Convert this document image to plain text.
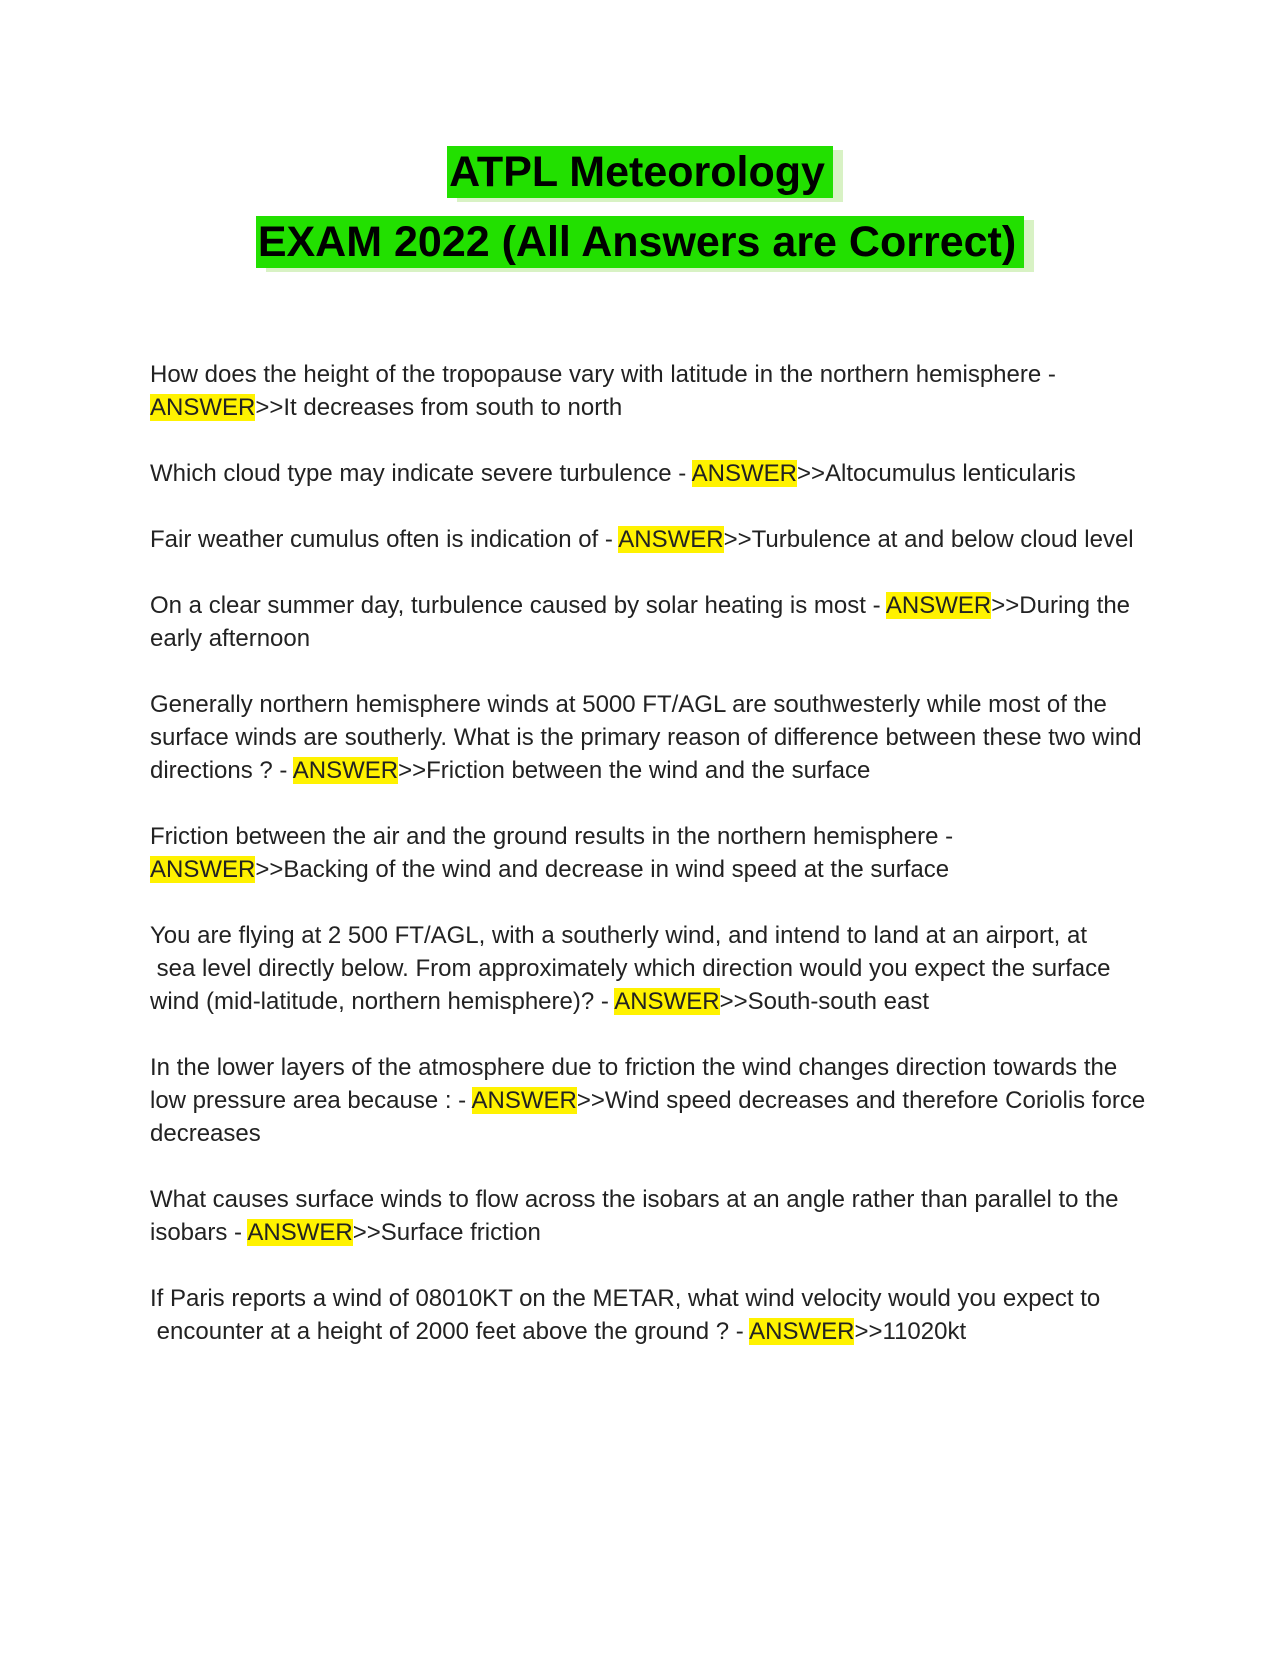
ATPL Meteorology
EXAM 2022 (All Answers are Correct)

How does the height of the tropopause vary with latitude in the northern hemisphere - ANSWER>>It decreases from south to north

Which cloud type may indicate severe turbulence - ANSWER>>Altocumulus lenticularis

Fair weather cumulus often is indication of - ANSWER>>Turbulence at and below cloud level

On a clear summer day, turbulence caused by solar heating is most - ANSWER>>During the early afternoon

Generally northern hemisphere winds at 5000 FT/AGL are southwesterly while most of the surface winds are southerly. What is the primary reason of difference between these two wind directions ? - ANSWER>>Friction between the wind and the surface

Friction between the air and the ground results in the northern hemisphere - ANSWER>>Backing of the wind and decrease in wind speed at the surface

You are flying at 2 500 FT/AGL, with a southerly wind, and intend to land at an airport, at
sea level directly below. From approximately which direction would you expect the surface wind (mid-latitude, northern hemisphere)? - ANSWER>>South-south east

In the lower layers of the atmosphere due to friction the wind changes direction towards the low pressure area because : - ANSWER>>Wind speed decreases and therefore Coriolis force decreases

What causes surface winds to flow across the isobars at an angle rather than parallel to the isobars - ANSWER>>Surface friction

If Paris reports a wind of 08010KT on the METAR, what wind velocity would you expect to
encounter at a height of 2000 feet above the ground ? - ANSWER>>11020kt
